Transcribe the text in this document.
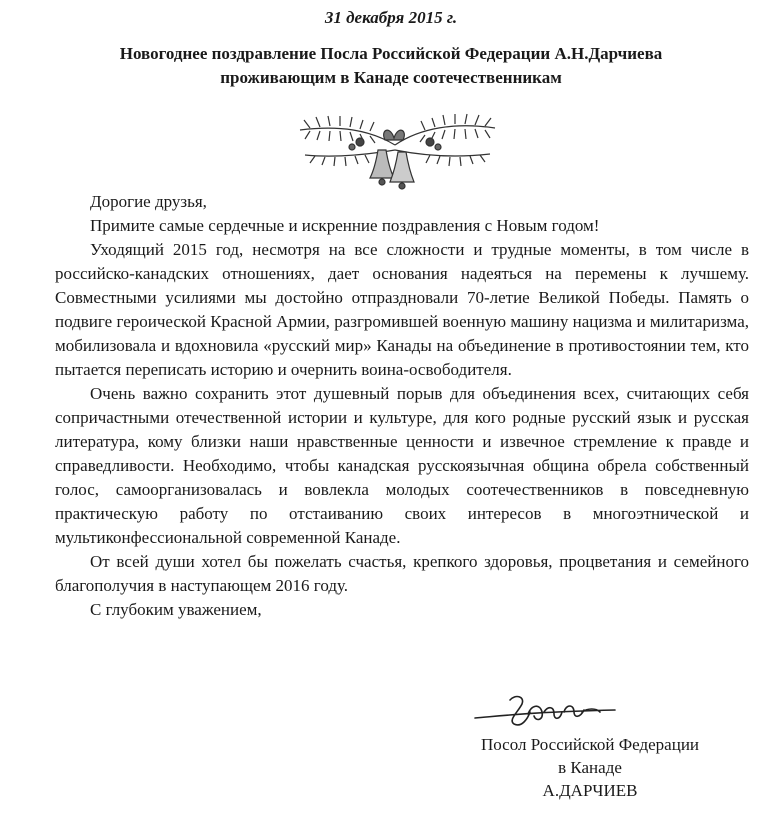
31 декабря 2015 г.
Новогоднее поздравление Посла Российской Федерации А.Н.Дарчиева
проживающим в Канаде соотечественникам

Дорогие друзья,

Примите самые сердечные и искренние поздравления с Новым годом!

Уходящий 2015 год, несмотря на все сложности и трудные моменты, в том числе в российско-канадских отношениях, дает основания надеяться на перемены к лучшему. Совместными усилиями мы достойно отпраздновали 70-летие Великой Победы. Память о подвиге героической Красной Армии, разгромившей военную машину нацизма и милитаризма, мобилизовала и вдохновила «русский мир» Канады на объединение в противостоянии тем, кто пытается переписать историю и очернить воина-освободителя.

Очень важно сохранить этот душевный порыв для объединения всех, считающих себя сопричастными отечественной истории и культуре, для кого родные русский язык и русская литература, кому близки наши нравственные ценности и извечное стремление к правде и справедливости. Необходимо, чтобы канадская русскоязычная община обрела собственный голос, самоорганизовалась и вовлекла молодых соотечественников в повседневную практическую работу по отстаиванию своих интересов в многоэтнической и мультиконфессиональной современной Канаде.

От всей души хотел бы пожелать счастья, крепкого здоровья, процветания и семейного благополучия в наступающем 2016 году.

С глубоким уважением,

Посол Российской Федерации
в Канаде
А.ДАРЧИЕВ
